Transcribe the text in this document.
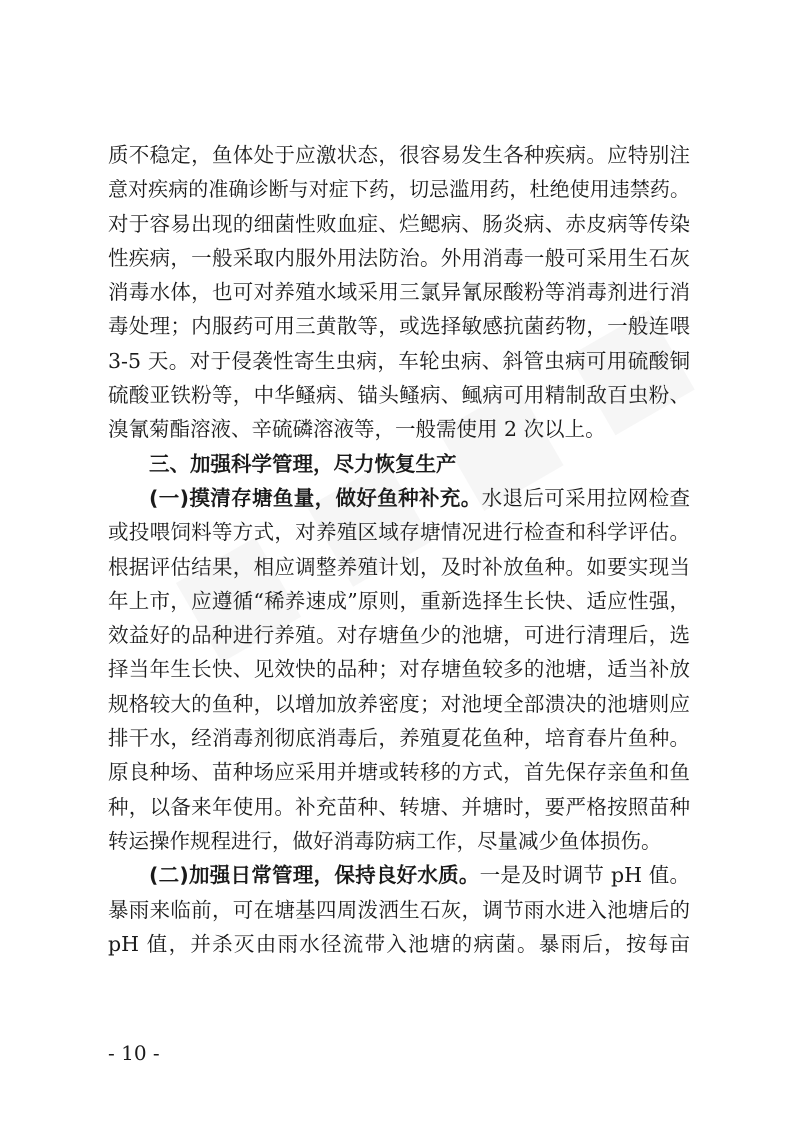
质不稳定，鱼体处于应激状态，很容易发生各种疾病。应特别注
意对疾病的准确诊断与对症下药，切忌滥用药，杜绝使用违禁药。
对于容易出现的细菌性败血症、烂鳃病、肠炎病、赤皮病等传染
性疾病，一般采取内服外用法防治。外用消毒一般可采用生石灰
消毒水体，也可对养殖水域采用三氯异氰尿酸粉等消毒剂进行消
毒处理；内服药可用三黄散等，或选择敏感抗菌药物，一般连喂
3-5 天。对于侵袭性寄生虫病，车轮虫病、斜管虫病可用硫酸铜
硫酸亚铁粉等，中华鳋病、锚头鳋病、鲺病可用精制敌百虫粉、
溴氰菊酯溶液、辛硫磷溶液等，一般需使用 2 次以上。
三、加强科学管理，尽力恢复生产
(一)摸清存塘鱼量，做好鱼种补充。水退后可采用拉网检查
或投喂饲料等方式，对养殖区域存塘情况进行检查和科学评估。
根据评估结果，相应调整养殖计划，及时补放鱼种。如要实现当
年上市，应遵循“稀养速成”原则，重新选择生长快、适应性强，
效益好的品种进行养殖。对存塘鱼少的池塘，可进行清理后，选
择当年生长快、见效快的品种；对存塘鱼较多的池塘，适当补放
规格较大的鱼种，以增加放养密度；对池埂全部溃决的池塘则应
排干水，经消毒剂彻底消毒后，养殖夏花鱼种，培育春片鱼种。
原良种场、苗种场应采用并塘或转移的方式，首先保存亲鱼和鱼
种，以备来年使用。补充苗种、转塘、并塘时，要严格按照苗种
转运操作规程进行，做好消毒防病工作，尽量减少鱼体损伤。
(二)加强日常管理，保持良好水质。一是及时调节 pH 值。
暴雨来临前，可在塘基四周泼洒生石灰，调节雨水进入池塘后的
pH 值，并杀灭由雨水径流带入池塘的病菌。暴雨后，按每亩
- 10 -
